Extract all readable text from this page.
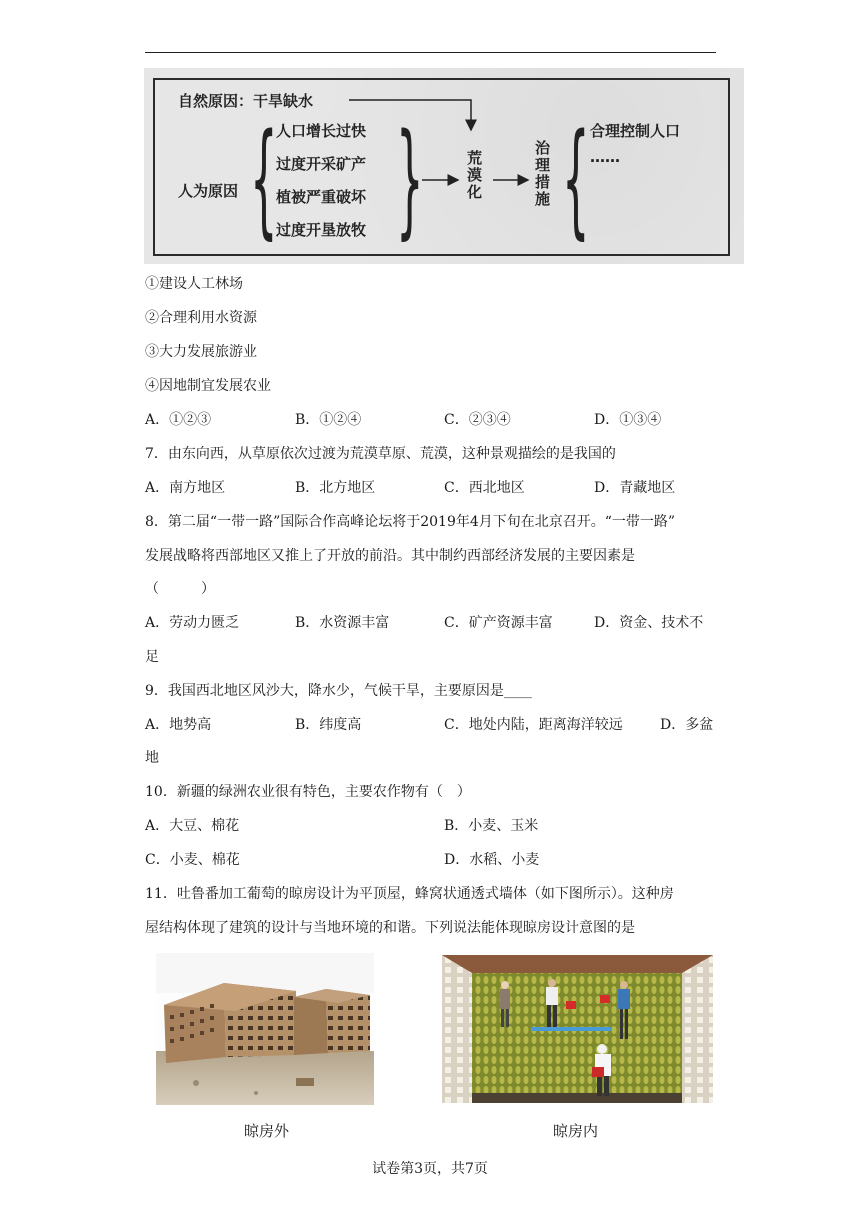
自然原因：干旱缺水
人为原因 {
人口增长过快
过度开采矿产
植被严重破坏
过度开垦放牧 }	荒漠化	治理措施 { 合理控制人口
……
①建设人工林场
②合理利用水资源
③大力发展旅游业
④因地制宜发展农业
A．①②③	B．①②④	C．②③④	D．①③④
7．由东向西，从草原依次过渡为荒漠草原、荒漠，这种景观描绘的是我国的
A．南方地区	B．北方地区	C．西北地区	D．青藏地区
8．第二届“一带一路”国际合作高峰论坛将于2019年4月下旬在北京召开。“一带一路”
发展战略将西部地区又推上了开放的前沿。其中制约西部经济发展的主要因素是
（　　　）
A．劳动力匮乏	B．水资源丰富	C．矿产资源丰富	D．资金、技术不
足
9．我国西北地区风沙大，降水少，气候干旱，主要原因是____
A．地势高	B．纬度高	C．地处内陆，距离海洋较远	D．多盆
地
10．新疆的绿洲农业很有特色，主要农作物有（　）
A．大豆、棉花	B．小麦、玉米
C．小麦、棉花	D．水稻、小麦
11．吐鲁番加工葡萄的晾房设计为平顶屋，蜂窝状通透式墙体（如下图所示）。这种房
屋结构体现了建筑的设计与当地环境的和谐。下列说法能体现晾房设计意图的是
晾房外	晾房内
试卷第3页，共7页
